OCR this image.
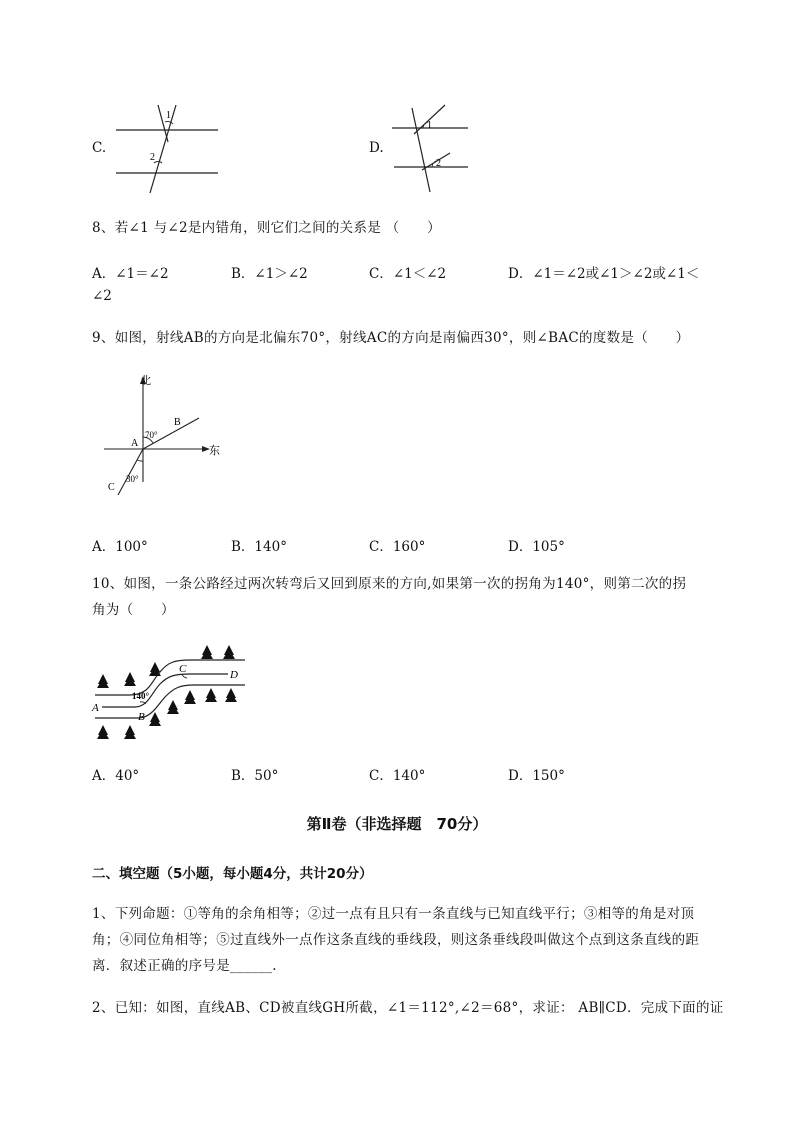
C.
1
2
D.
1
2
8、若∠1 与∠2是内错角，则它们之间的关系是 （　　）
A．∠1＝∠2	B．∠1＞∠2	C．∠1＜∠2	D．∠1＝∠2或∠1＞∠2或∠1＜
∠2
9、如图，射线AB的方向是北偏东70°，射线AC的方向是南偏西30°，则∠BAC的度数是（　　）
北
东
A
B
C
70°
30°
A．100°	B．140°	C．160°	D．105°
10、如图，一条公路经过两次转弯后又回到原来的方向,如果第一次的拐角为140°，则第二次的拐
角为（　　）
A
B
C	D
140°
A．40°	B．50°	C．140°	D．150°
第Ⅱ卷（非选择题　70分）
二、填空题（5小题，每小题4分，共计20分）
1、下列命题：①等角的余角相等；②过一点有且只有一条直线与已知直线平行；③相等的角是对顶
角；④同位角相等；⑤过直线外一点作这条直线的垂线段，则这条垂线段叫做这个点到这条直线的距
离．叙述正确的序号是______.
2、已知：如图，直线AB、CD被直线GH所截，∠1＝112°,∠2＝68°，求证： AB∥CD．完成下面的证
